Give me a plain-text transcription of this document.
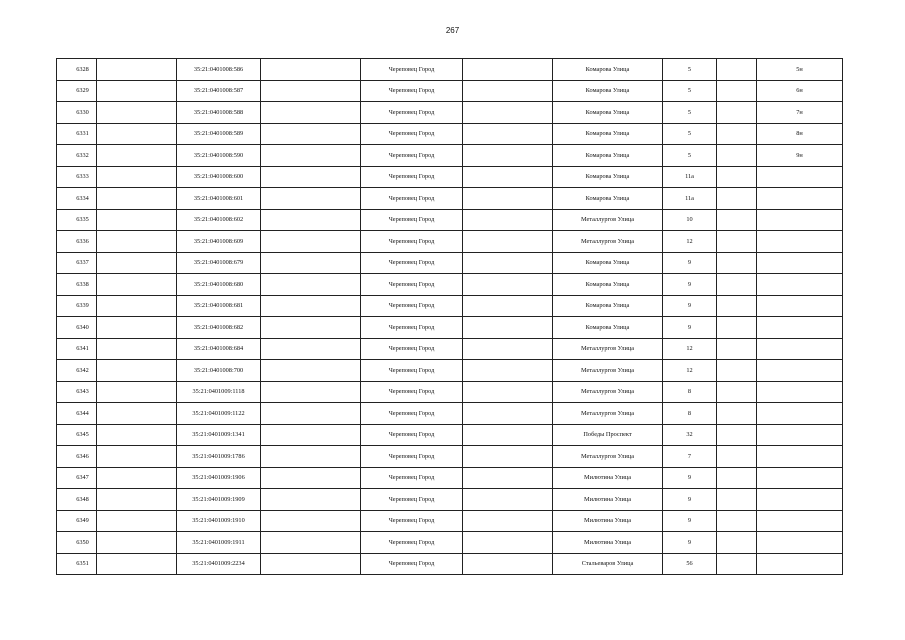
267
6328		35:21:0401008:586		Череповец Город		Комарова Улица	5		5н
6329		35:21:0401008:587		Череповец Город		Комарова Улица	5		6н
6330		35:21:0401008:588		Череповец Город		Комарова Улица	5		7н
6331		35:21:0401008:589		Череповец Город		Комарова Улица	5		8н
6332		35:21:0401008:590		Череповец Город		Комарова Улица	5		9н
6333		35:21:0401008:600		Череповец Город		Комарова Улица	11а		
6334		35:21:0401008:601		Череповец Город		Комарова Улица	11а		
6335		35:21:0401008:602		Череповец Город		Металлургов Улица	10		
6336		35:21:0401008:609		Череповец Город		Металлургов Улица	12		
6337		35:21:0401008:679		Череповец Город		Комарова Улица	9		
6338		35:21:0401008:680		Череповец Город		Комарова Улица	9		
6339		35:21:0401008:681		Череповец Город		Комарова Улица	9		
6340		35:21:0401008:682		Череповец Город		Комарова Улица	9		
6341		35:21:0401008:684		Череповец Город		Металлургов Улица	12		
6342		35:21:0401008:700		Череповец Город		Металлургов Улица	12		
6343		35:21:0401009:1118		Череповец Город		Металлургов Улица	8		
6344		35:21:0401009:1122		Череповец Город		Металлургов Улица	8		
6345		35:21:0401009:1341		Череповец Город		Победы Проспект	32		
6346		35:21:0401009:1786		Череповец Город		Металлургов Улица	7		
6347		35:21:0401009:1906		Череповец Город		Милютина Улица	9		
6348		35:21:0401009:1909		Череповец Город		Милютина Улица	9		
6349		35:21:0401009:1910		Череповец Город		Милютина Улица	9		
6350		35:21:0401009:1911		Череповец Город		Милютина Улица	9		
6351		35:21:0401009:2234		Череповец Город		Стальеваров Улица	56		
